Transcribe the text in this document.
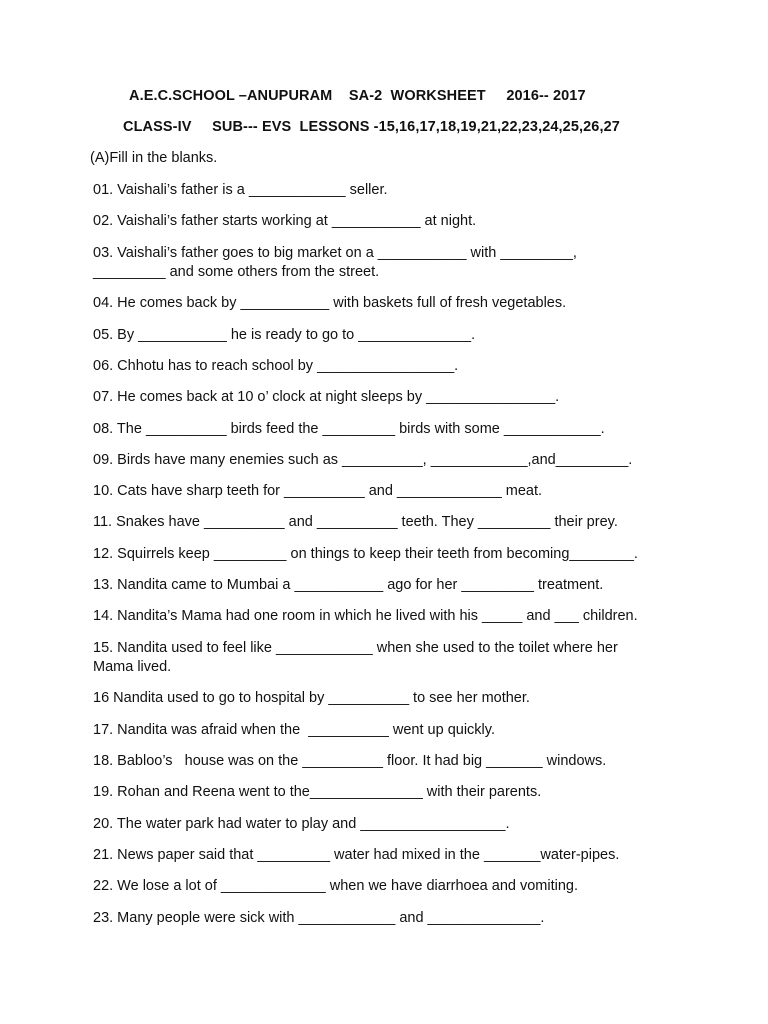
A.E.C.SCHOOL –ANUPURAM    SA-2  WORKSHEET     2016-- 2017
CLASS-IV     SUB--- EVS  LESSONS -15,16,17,18,19,21,22,23,24,25,26,27
(A)Fill in the blanks.
01. Vaishali’s father is a ____________ seller.
02. Vaishali’s father starts working at ___________ at night.
03. Vaishali’s father goes to big market on a ___________ with _________,
_________ and some others from the street.
04. He comes back by ___________ with baskets full of fresh vegetables.
05. By ___________ he is ready to go to ______________.
06. Chhotu has to reach school by _________________.
07. He comes back at 10 o’ clock at night sleeps by ________________.
08. The __________ birds feed the _________ birds with some ____________.
09. Birds have many enemies such as __________, ____________,and_________.
10. Cats have sharp teeth for __________ and _____________ meat.
11. Snakes have __________ and __________ teeth. They _________ their prey.
12. Squirrels keep _________ on things to keep their teeth from becoming________.
13. Nandita came to Mumbai a ___________ ago for her _________ treatment.
14. Nandita’s Mama had one room in which he lived with his _____ and ___ children.
15. Nandita used to feel like ____________ when she used to the toilet where her
Mama lived.
16 Nandita used to go to hospital by __________ to see her mother.
17. Nandita was afraid when the  __________ went up quickly.
18. Babloo’s   house was on the __________ floor. It had big _______ windows.
19. Rohan and Reena went to the______________ with their parents.
20. The water park had water to play and __________________.
21. News paper said that _________ water had mixed in the _______water-pipes.
22. We lose a lot of _____________ when we have diarrhoea and vomiting.
23. Many people were sick with ____________ and ______________.
